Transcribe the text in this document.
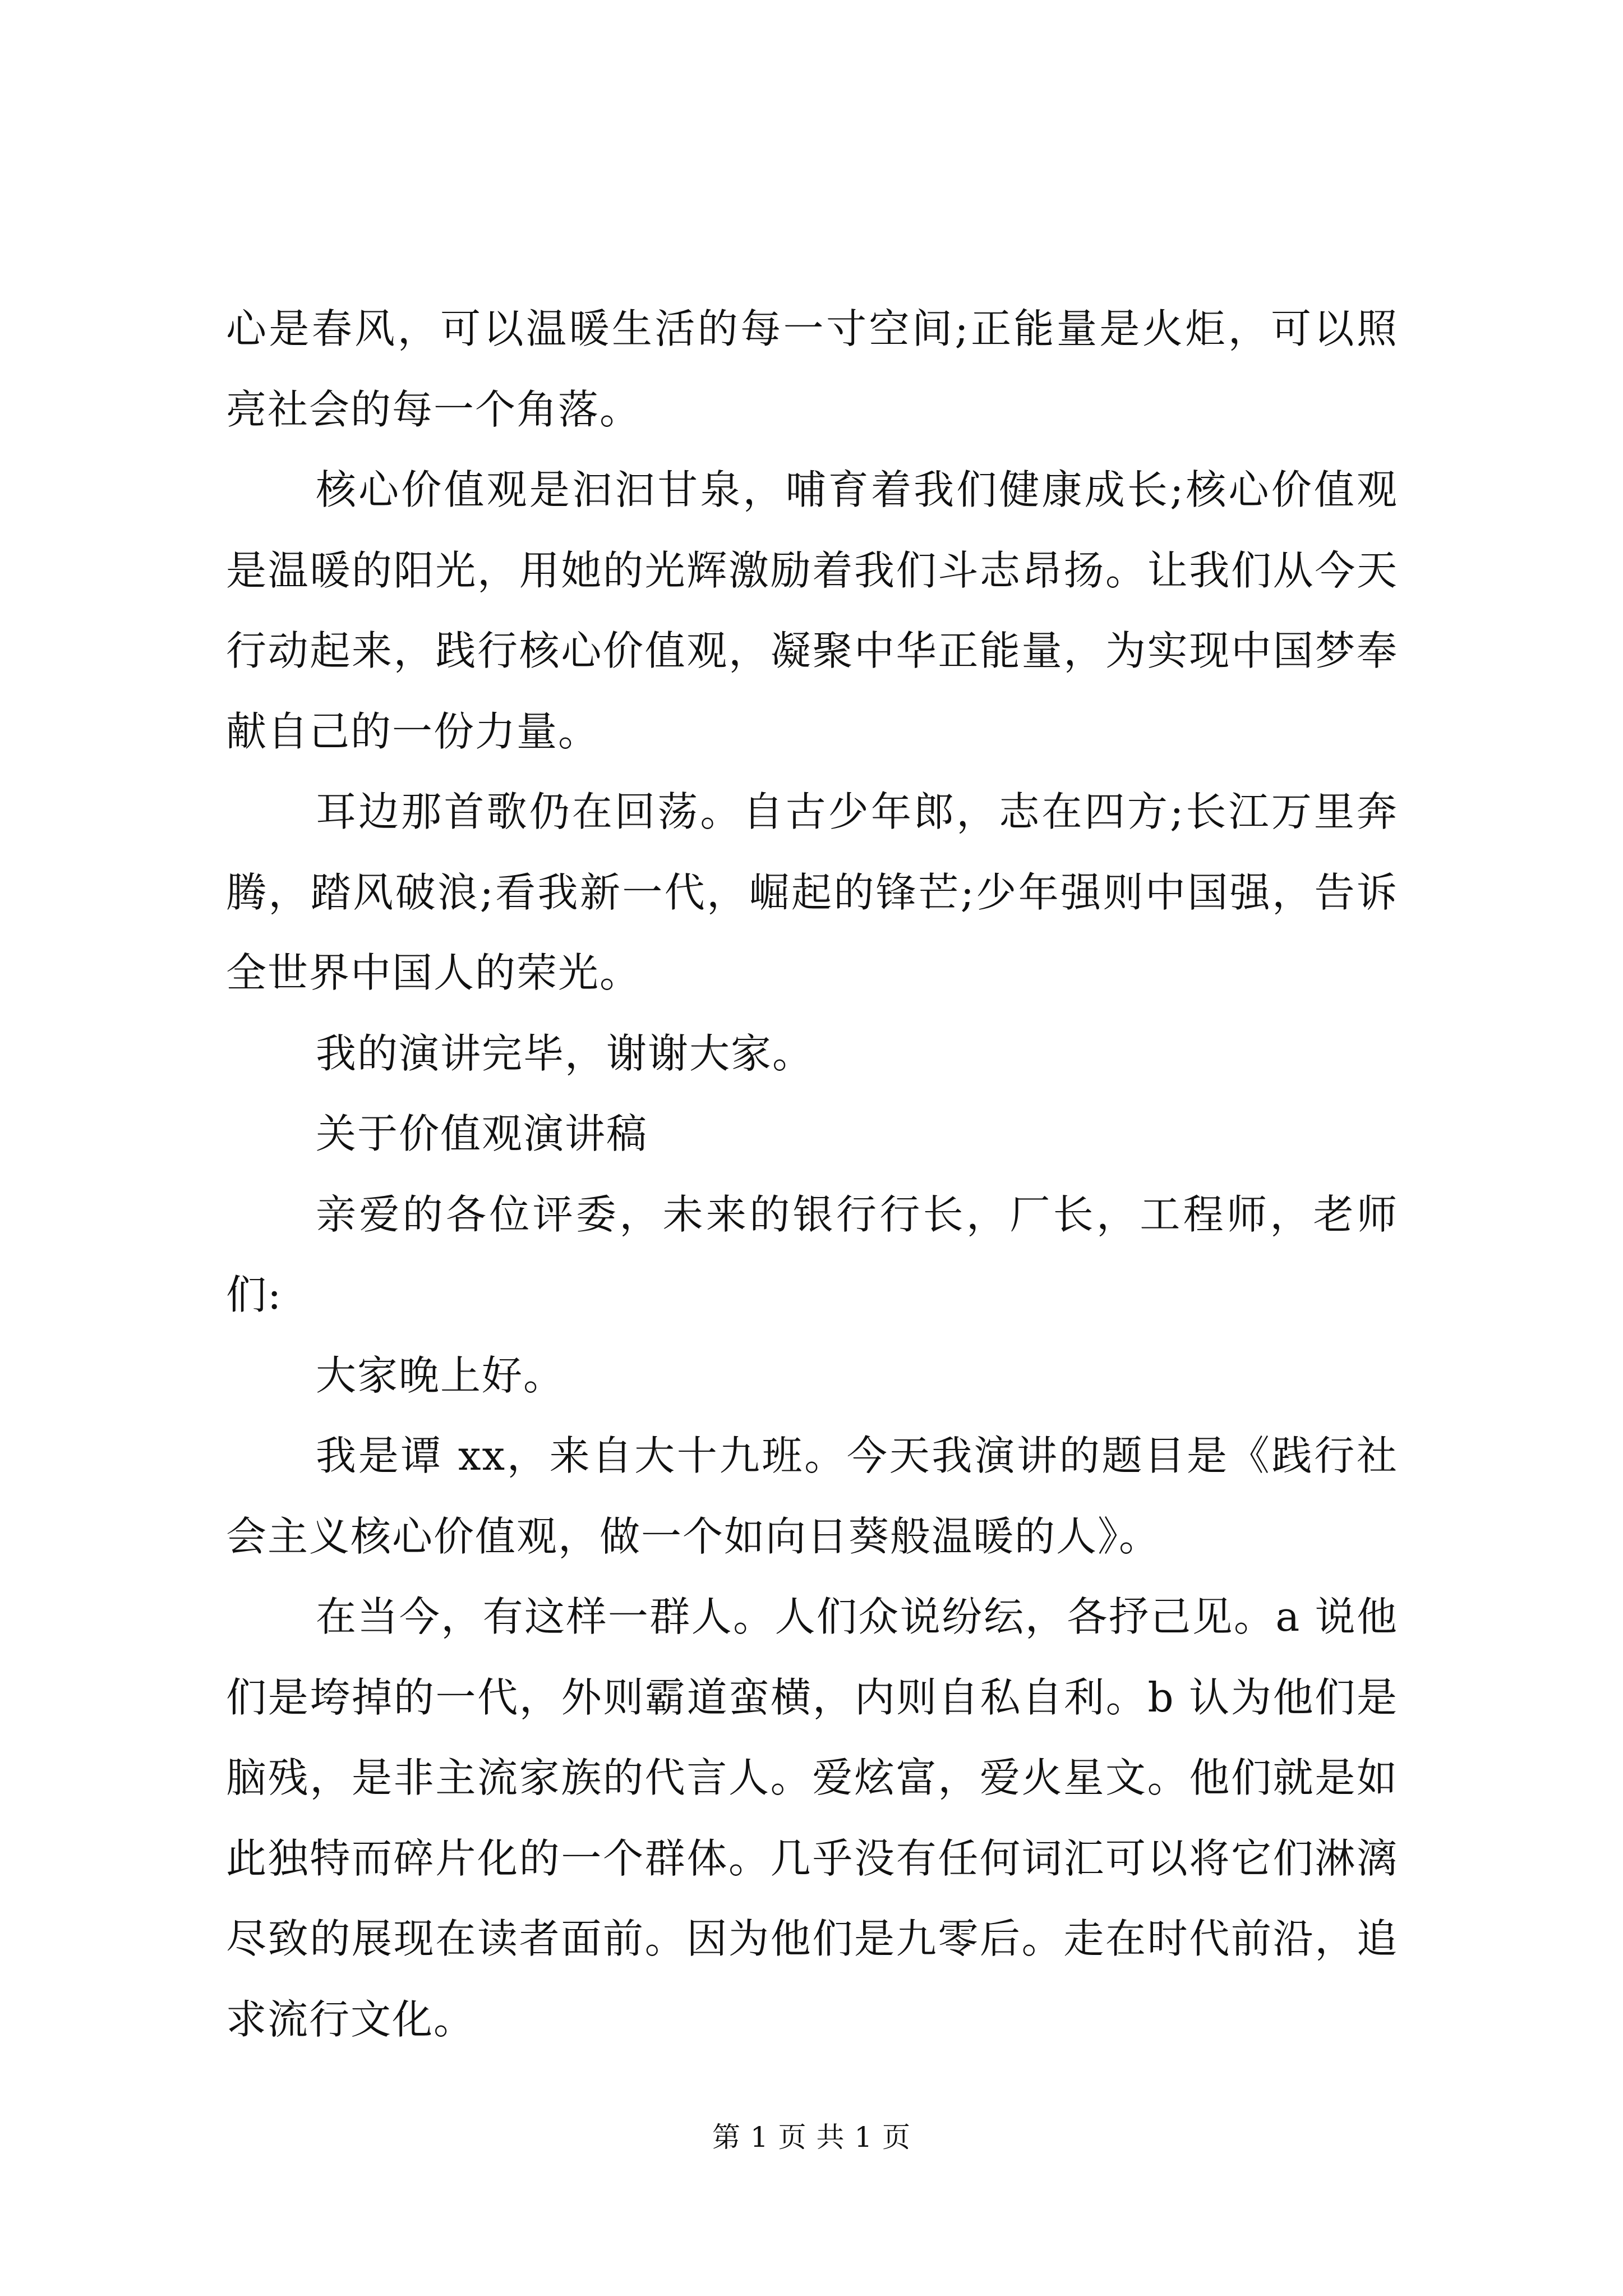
心是春风，可以温暖生活的每一寸空间;正能量是火炬，可以照亮社会的每一个角落。

核心价值观是汩汩甘泉，哺育着我们健康成长;核心价值观是温暖的阳光，用她的光辉激励着我们斗志昂扬。让我们从今天行动起来，践行核心价值观，凝聚中华正能量，为实现中国梦奉献自己的一份力量。

耳边那首歌仍在回荡。自古少年郎，志在四方;长江万里奔腾，踏风破浪;看我新一代，崛起的锋芒;少年强则中国强，告诉全世界中国人的荣光。

我的演讲完毕，谢谢大家。

关于价值观演讲稿

亲爱的各位评委，未来的银行行长，厂长，工程师，老师们:

大家晚上好。

我是谭 xx，来自大十九班。今天我演讲的题目是《践行社会主义核心价值观，做一个如向日葵般温暖的人》。

在当今，有这样一群人。人们众说纷纭，各抒己见。a 说他们是垮掉的一代，外则霸道蛮横，内则自私自利。b 认为他们是脑残，是非主流家族的代言人。爱炫富，爱火星文。他们就是如此独特而碎片化的一个群体。几乎没有任何词汇可以将它们淋漓尽致的展现在读者面前。因为他们是九零后。走在时代前沿，追求流行文化。

第 1 页 共 1 页
